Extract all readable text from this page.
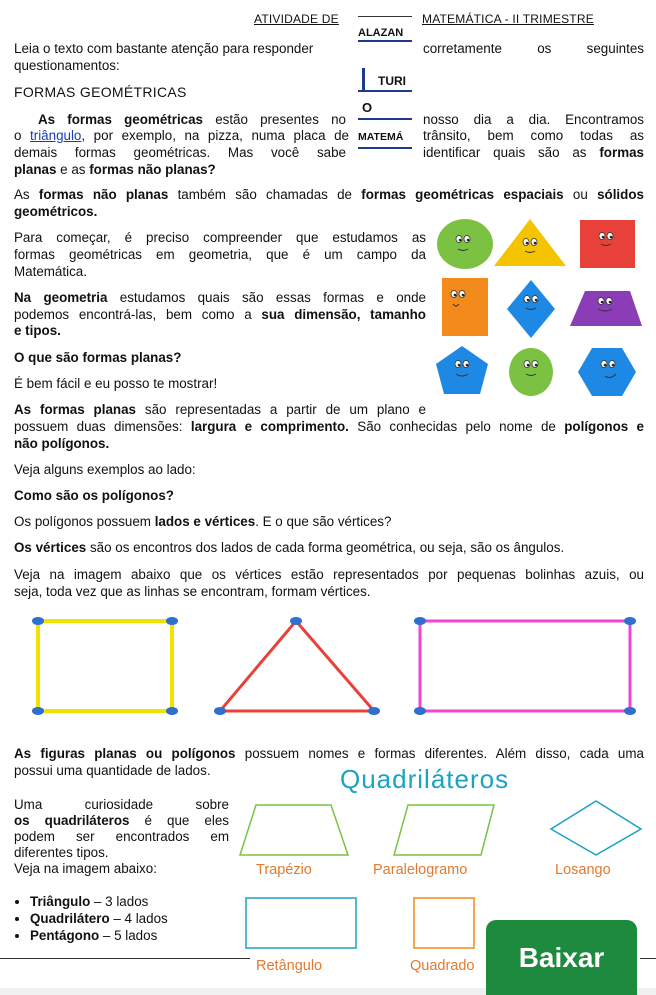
ATIVIDADE DE	MATEMÁTICA - II TRIMESTRE
ALAZAN
Leia o texto com bastante atenção para responder	corretamente os seguintes
questionamentos:
TURI
FORMAS GEOMÉTRICAS
O
MATEMÁ
As formas geométricas estão presentes no	nosso dia a dia. Encontramos
o triângulo, por exemplo, na pizza, numa placa de	trânsito, bem como todas as
demais formas geométricas. Mas você sabe	identificar quais são as formas
planas e as formas não planas?
As formas não planas também são chamadas de formas geométricas espaciais ou sólidos
geométricos.
Para começar, é preciso compreender que estudamos as
formas geométricas em geometria, que é um campo da
Matemática.
Na geometria estudamos quais são essas formas e onde
podemos encontrá-las, bem como a sua dimensão, tamanho
e tipos.
O que são formas planas?
É bem fácil e eu posso te mostrar!
As formas planas são representadas a partir de um plano e
possuem duas dimensões: largura e comprimento. São conhecidas pelo nome de polígonos e
não polígonos.
Veja alguns exemplos ao lado:
Como são os polígonos?
Os polígonos possuem lados e vértices. E o que são vértices?
Os vértices são os encontros dos lados de cada forma geométrica, ou seja, são os ângulos.
Veja na imagem abaixo que os vértices estão representados por pequenas bolinhas azuis, ou
seja, toda vez que as linhas se encontram, formam vértices.
As figuras planas ou polígonos possuem nomes e formas diferentes. Além disso, cada uma
possui uma quantidade de lados.	Quadriláteros
Uma curiosidade sobre
os quadriláteros é que eles
podem ser encontrados em
diferentes tipos.
Veja na imagem abaixo:	Trapézio	Paralelogramo	Losango
Retângulo	Quadrado
• Triângulo – 3 lados
• Quadrilátero – 4 lados
• Pentágono – 5 lados
Baixar
